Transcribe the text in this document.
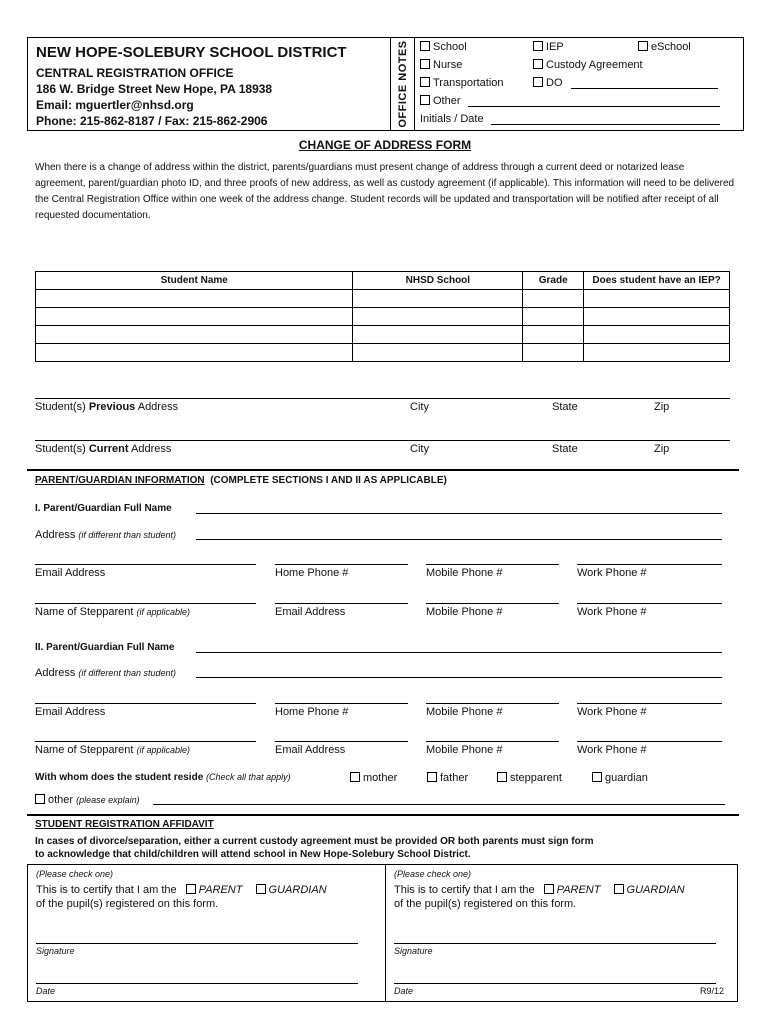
NEW HOPE-SOLEBURY SCHOOL DISTRICT
CENTRAL REGISTRATION OFFICE
186 W. Bridge Street New Hope, PA 18938
Email: mguertler@nhsd.org
Phone: 215-862-8187 / Fax: 215-862-2906	OFFICE NOTES	School	IEP	eSchool
Nurse	Custody Agreement
Transportation	DO
Other
Initials / Date
CHANGE OF ADDRESS FORM
When there is a change of address within the district, parents/guardians must present change of address through a current deed or notarized lease agreement, parent/guardian photo ID, and three proofs of new address, as well as custody agreement (if applicable). This information will need to be delivered the Central Registration Office within one week of the address change. Student records will be updated and transportation will be notified after receipt of all requested documentation.
Student Name	NHSD School	Grade	Does student have an IEP?

Student(s) Previous Address	City	State	Zip
Student(s) Current Address	City	State	Zip
PARENT/GUARDIAN INFORMATION (COMPLETE SECTIONS I AND II AS APPLICABLE)
I. Parent/Guardian Full Name
Address (if different than student)
Email Address	Home Phone #	Mobile Phone #	Work Phone #
Name of Stepparent (if applicable)	Email Address	Mobile Phone #	Work Phone #
II. Parent/Guardian Full Name
Address (if different than student)
Email Address	Home Phone #	Mobile Phone #	Work Phone #
Name of Stepparent (if applicable)	Email Address	Mobile Phone #	Work Phone #
With whom does the student reside (Check all that apply)	mother	father	stepparent	guardian
other (please explain)
STUDENT REGISTRATION AFFIDAVIT
In cases of divorce/separation, either a current custody agreement must be provided OR both parents must sign form
to acknowledge that child/children will attend school in New Hope-Solebury School District.
(Please check one)
This is to certify that I am the PARENT GUARDIAN
of the pupil(s) registered on this form.
Signature
Date
(Please check one)
This is to certify that I am the PARENT GUARDIAN
of the pupil(s) registered on this form.
Signature
Date	R9/12
